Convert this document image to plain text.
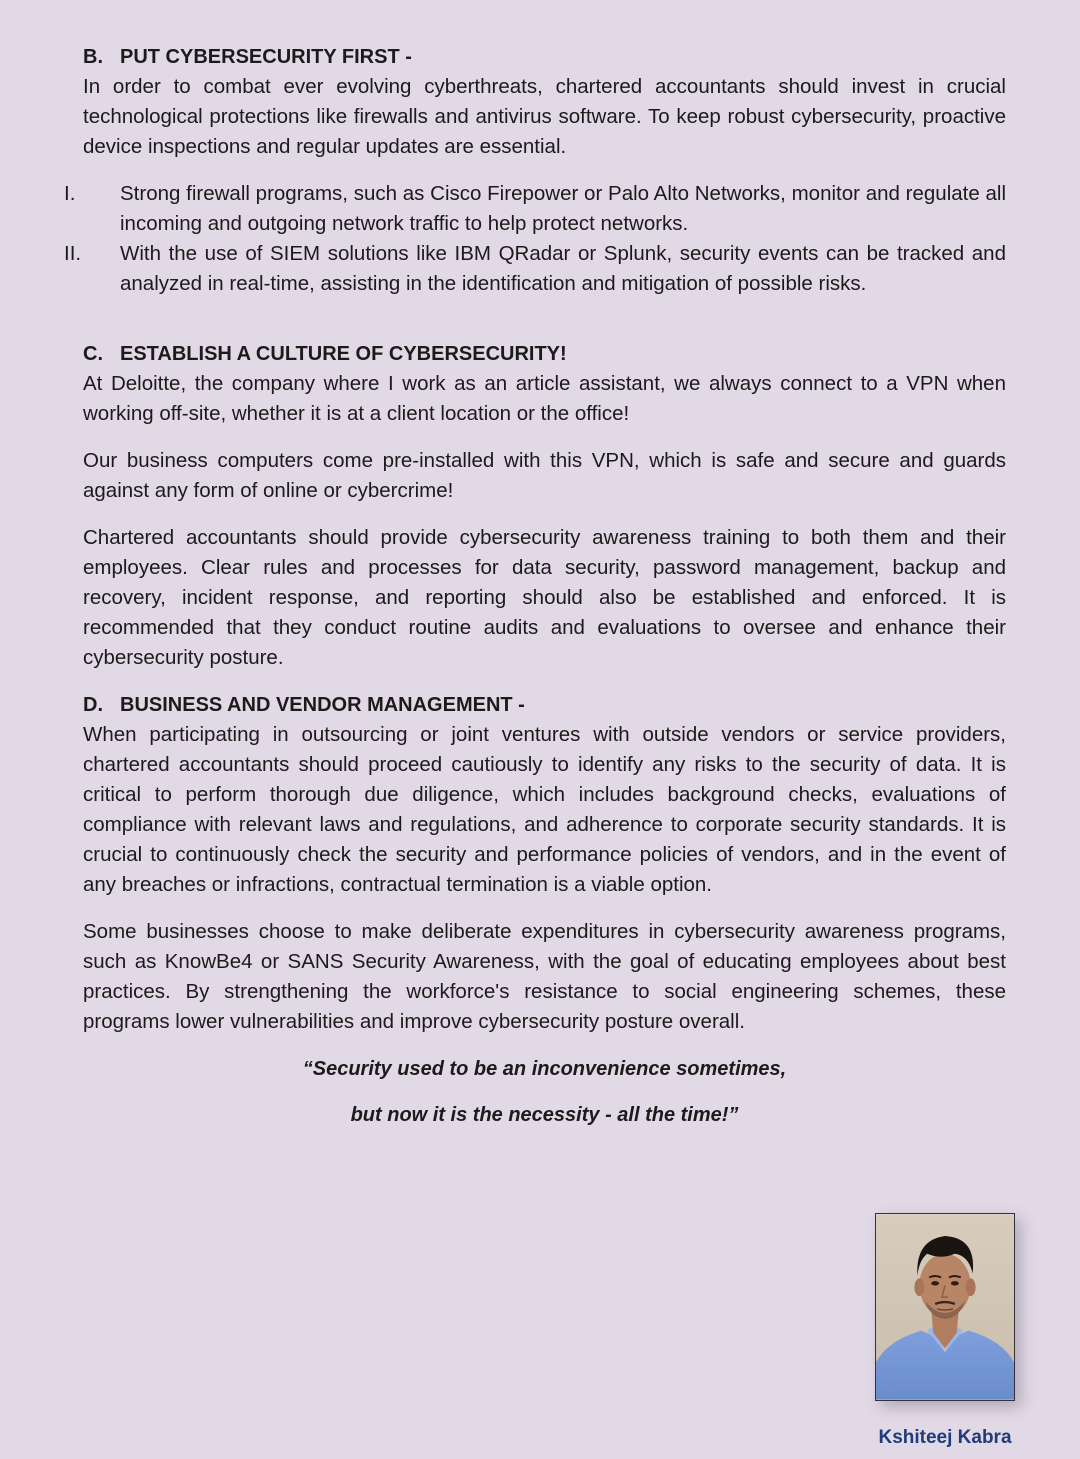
B. PUT CYBERSECURITY FIRST -

In order to combat ever evolving cyberthreats, chartered accountants should invest in crucial technological protections like firewalls and antivirus software. To keep robust cybersecurity, proactive device inspections and regular updates are essential.

I.	Strong firewall programs, such as Cisco Firepower or Palo Alto Networks, monitor and regulate all incoming and outgoing network traffic to help protect networks.
II.	With the use of SIEM solutions like IBM QRadar or Splunk, security events can be tracked and analyzed in real-time, assisting in the identification and mitigation of possible risks.
C. ESTABLISH A CULTURE OF CYBERSECURITY!

At Deloitte, the company where I work as an article assistant, we always connect to a VPN when working off-site, whether it is at a client location or the office!

Our business computers come pre-installed with this VPN, which is safe and secure and guards against any form of online or cybercrime!

Chartered accountants should provide cybersecurity awareness training to both them and their employees. Clear rules and processes for data security, password management, backup and recovery, incident response, and reporting should also be established and enforced. It is recommended that they conduct routine audits and evaluations to oversee and enhance their cybersecurity posture.

D. BUSINESS AND VENDOR MANAGEMENT -

When participating in outsourcing or joint ventures with outside vendors or service providers, chartered accountants should proceed cautiously to identify any risks to the security of data. It is critical to perform thorough due diligence, which includes background checks, evaluations of compliance with relevant laws and regulations, and adherence to corporate security standards. It is crucial to continuously check the security and performance policies of vendors, and in the event of any breaches or infractions, contractual termination is a viable option.

Some businesses choose to make deliberate expenditures in cybersecurity awareness programs, such as KnowBe4 or SANS Security Awareness, with the goal of educating employees about best practices. By strengthening the workforce's resistance to social engineering schemes, these programs lower vulnerabilities and improve cybersecurity posture overall.

“Security used to be an inconvenience sometimes,

but now it is the necessity - all the time!”

Kshiteej Kabra
